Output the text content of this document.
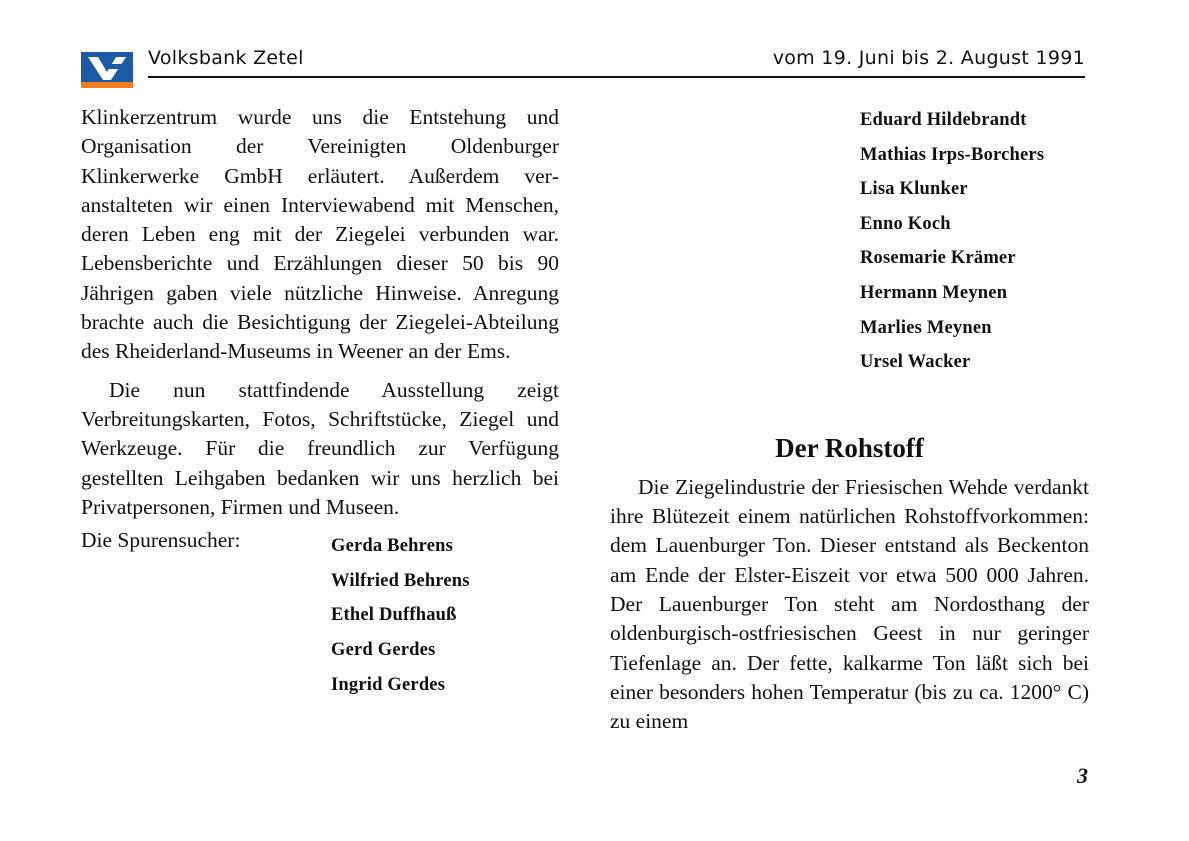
Volksbank Zetel	vom 19. Juni bis 2. August 1991

Klinkerzentrum wurde uns die Entstehung und Organisation der Vereinigten Oldenburger Klinkerwerke GmbH erläutert. Außerdem veranstalteten wir einen Interviewabend mit Menschen, deren Leben eng mit der Ziegelei verbunden war. Lebensberichte und Erzählungen dieser 50 bis 90 Jährigen gaben viele nützliche Hinweise. Anregung brachte auch die Besichtigung der Ziegelei-Abteilung des Rheiderland-Museums in Weener an der Ems.

Die nun stattfindende Ausstellung zeigt Verbreitungskarten, Fotos, Schriftstücke, Ziegel und Werkzeuge. Für die freundlich zur Verfügung gestellten Leihgaben bedanken wir uns herzlich bei Privatpersonen, Firmen und Museen.

Die Spurensucher:	Gerda Behrens
Wilfried Behrens
Ethel Duffhauß
Gerd Gerdes
Ingrid Gerdes
Eduard Hildebrandt
Mathias Irps-Borchers
Lisa Klunker
Enno Koch
Rosemarie Krämer
Hermann Meynen
Marlies Meynen
Ursel Wacker
Der Rohstoff

Die Ziegelindustrie der Friesischen Wehde verdankt ihre Blütezeit einem natürlichen Rohstoffvorkommen: dem Lauenburger Ton. Dieser entstand als Beckenton am Ende der Elster-Eiszeit vor etwa 500 000 Jahren. Der Lauenburger Ton steht am Nordosthang der oldenburgisch-ostfriesischen Geest in nur geringer Tiefenlage an. Der fette, kalkarme Ton läßt sich bei einer besonders hohen Temperatur (bis zu ca. 1200° C) zu einem

3
